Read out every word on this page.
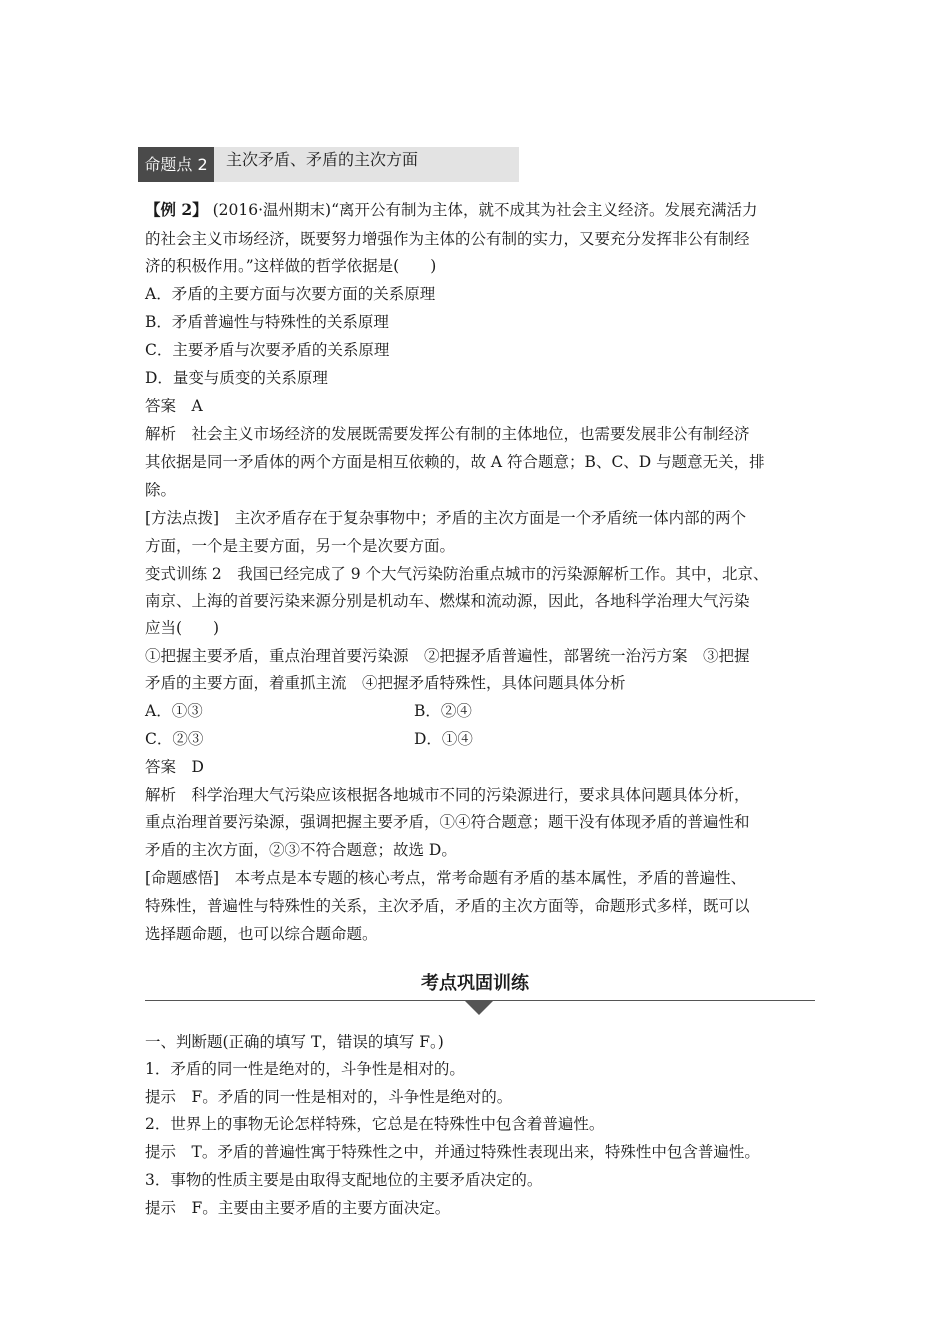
命题点 2	主次矛盾、矛盾的主次方面
【例 2】 (2016·温州期末)“离开公有制为主体，就不成其为社会主义经济。发展充满活力
的社会主义市场经济，既要努力增强作为主体的公有制的实力，又要充分发挥非公有制经
济的积极作用。”这样做的哲学依据是(　　)
A．矛盾的主要方面与次要方面的关系原理
B．矛盾普遍性与特殊性的关系原理
C．主要矛盾与次要矛盾的关系原理
D．量变与质变的关系原理
答案　A
解析　社会主义市场经济的发展既需要发挥公有制的主体地位，也需要发展非公有制经济
其依据是同一矛盾体的两个方面是相互依赖的，故 A 符合题意；B、C、D 与题意无关，排
除。
[方法点拨]　主次矛盾存在于复杂事物中；矛盾的主次方面是一个矛盾统一体内部的两个
方面，一个是主要方面，另一个是次要方面。
变式训练 2　我国已经完成了 9 个大气污染防治重点城市的污染源解析工作。其中，北京、
南京、上海的首要污染来源分别是机动车、燃煤和流动源，因此，各地科学治理大气污染
应当(　　)
①把握主要矛盾，重点治理首要污染源　②把握矛盾普遍性，部署统一治污方案　③把握
矛盾的主要方面，着重抓主流　④把握矛盾特殊性，具体问题具体分析
A．①③	B．②④
C．②③	D．①④
答案　D
解析　科学治理大气污染应该根据各地城市不同的污染源进行，要求具体问题具体分析，
重点治理首要污染源，强调把握主要矛盾，①④符合题意；题干没有体现矛盾的普遍性和
矛盾的主次方面，②③不符合题意；故选 D。
[命题感悟]　本考点是本专题的核心考点，常考命题有矛盾的基本属性，矛盾的普遍性、
特殊性，普遍性与特殊性的关系，主次矛盾，矛盾的主次方面等，命题形式多样，既可以
选择题命题，也可以综合题命题。
考点巩固训练
一、判断题(正确的填写 T，错误的填写 F。)
1．矛盾的同一性是绝对的，斗争性是相对的。
提示　F。矛盾的同一性是相对的，斗争性是绝对的。
2．世界上的事物无论怎样特殊，它总是在特殊性中包含着普遍性。
提示　T。矛盾的普遍性寓于特殊性之中，并通过特殊性表现出来，特殊性中包含普遍性。
3．事物的性质主要是由取得支配地位的主要矛盾决定的。
提示　F。主要由主要矛盾的主要方面决定。
